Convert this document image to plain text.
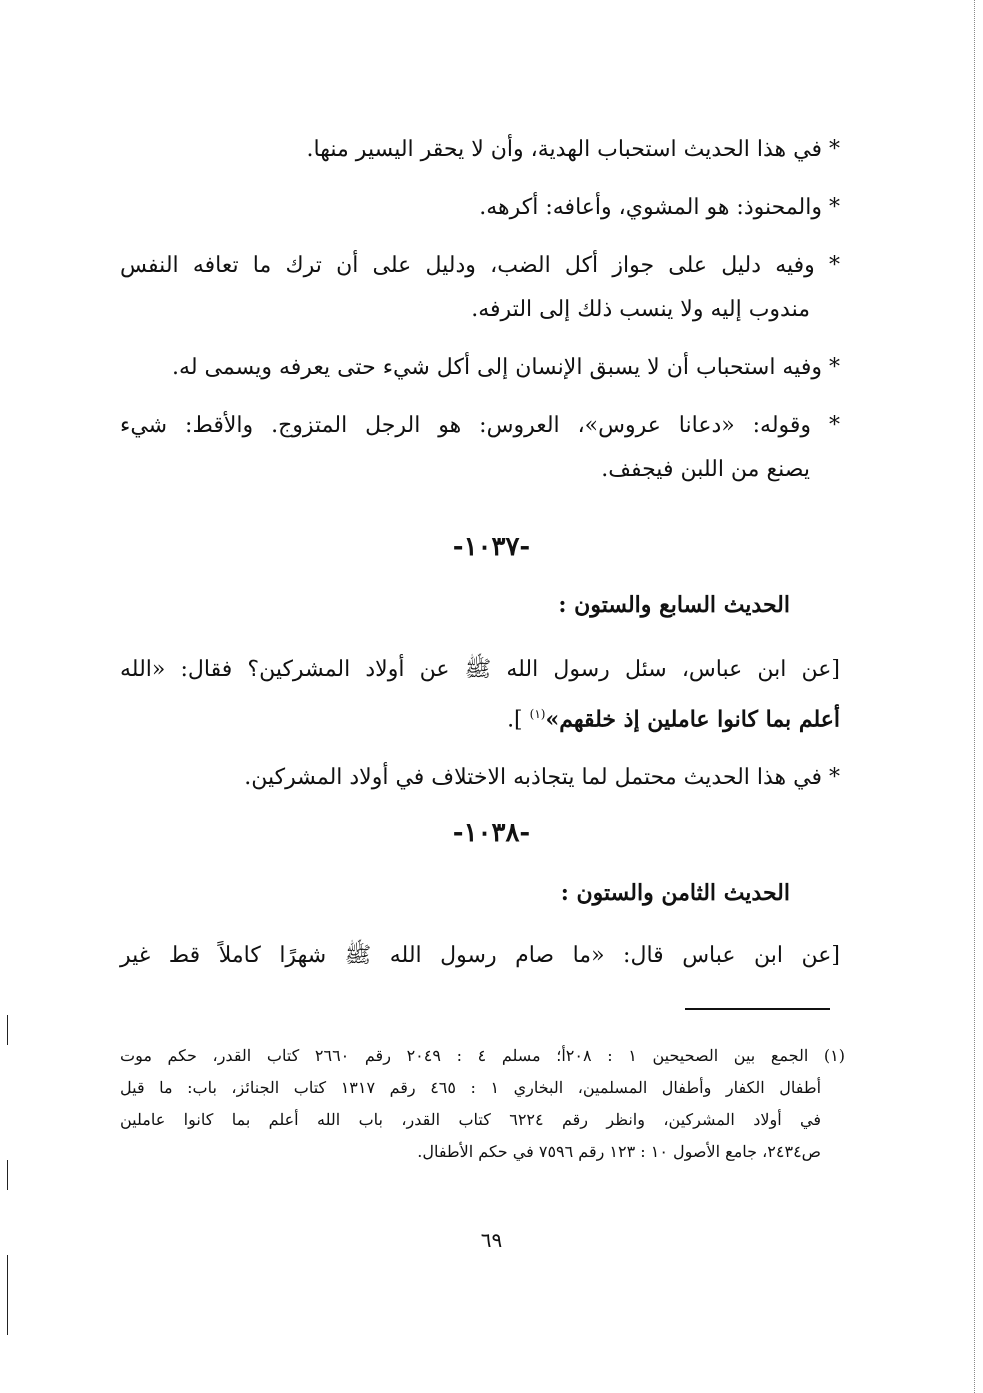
* في هذا الحديث استحباب الهدية، وأن لا يحقر اليسير منها.
* والمحنوذ: هو المشوي، وأعافه: أكرهه.
* وفيه دليل على جواز أكل الضب، ودليل على أن ترك ما تعافه النفس
مندوب إليه ولا ينسب ذلك إلى الترفه.
* وفيه استحباب أن لا يسبق الإنسان إلى أكل شيء حتى يعرفه ويسمى له.
* وقوله: «دعانا عروس»، العروس: هو الرجل المتزوج. والأقط: شيء
يصنع من اللبن فيجفف.
-١٠٣٧-
الحديث السابع والستون :
[عن ابن عباس، سئل رسول الله ﷺ عن أولاد المشركين؟ فقال: «الله
أعلم بما كانوا عاملين إذ خلقهم»$^{(١)}$ ].
* في هذا الحديث محتمل لما يتجاذبه الاختلاف في أولاد المشركين.
-١٠٣٨-
الحديث الثامن والستون :
[عن ابن عباس قال: «ما صام رسول الله ﷺ شهرًا كاملاً قط غير
(١) الجمع بين الصحيحين ١ : ٢٠٨أ؛ مسلم ٤ : ٢٠٤٩ رقم ٢٦٦٠ كتاب القدر، حكم موت
أطفال الكفار وأطفال المسلمين، البخاري ١ : ٤٦٥ رقم ١٣١٧ كتاب الجنائز، باب: ما قيل
في أولاد المشركين، وانظر رقم ٦٢٢٤ كتاب القدر، باب الله أعلم بما كانوا عاملين
ص٢٤٣٤، جامع الأصول ١٠ : ١٢٣ رقم ٧٥٩٦ في حكم الأطفال.
٦٩
